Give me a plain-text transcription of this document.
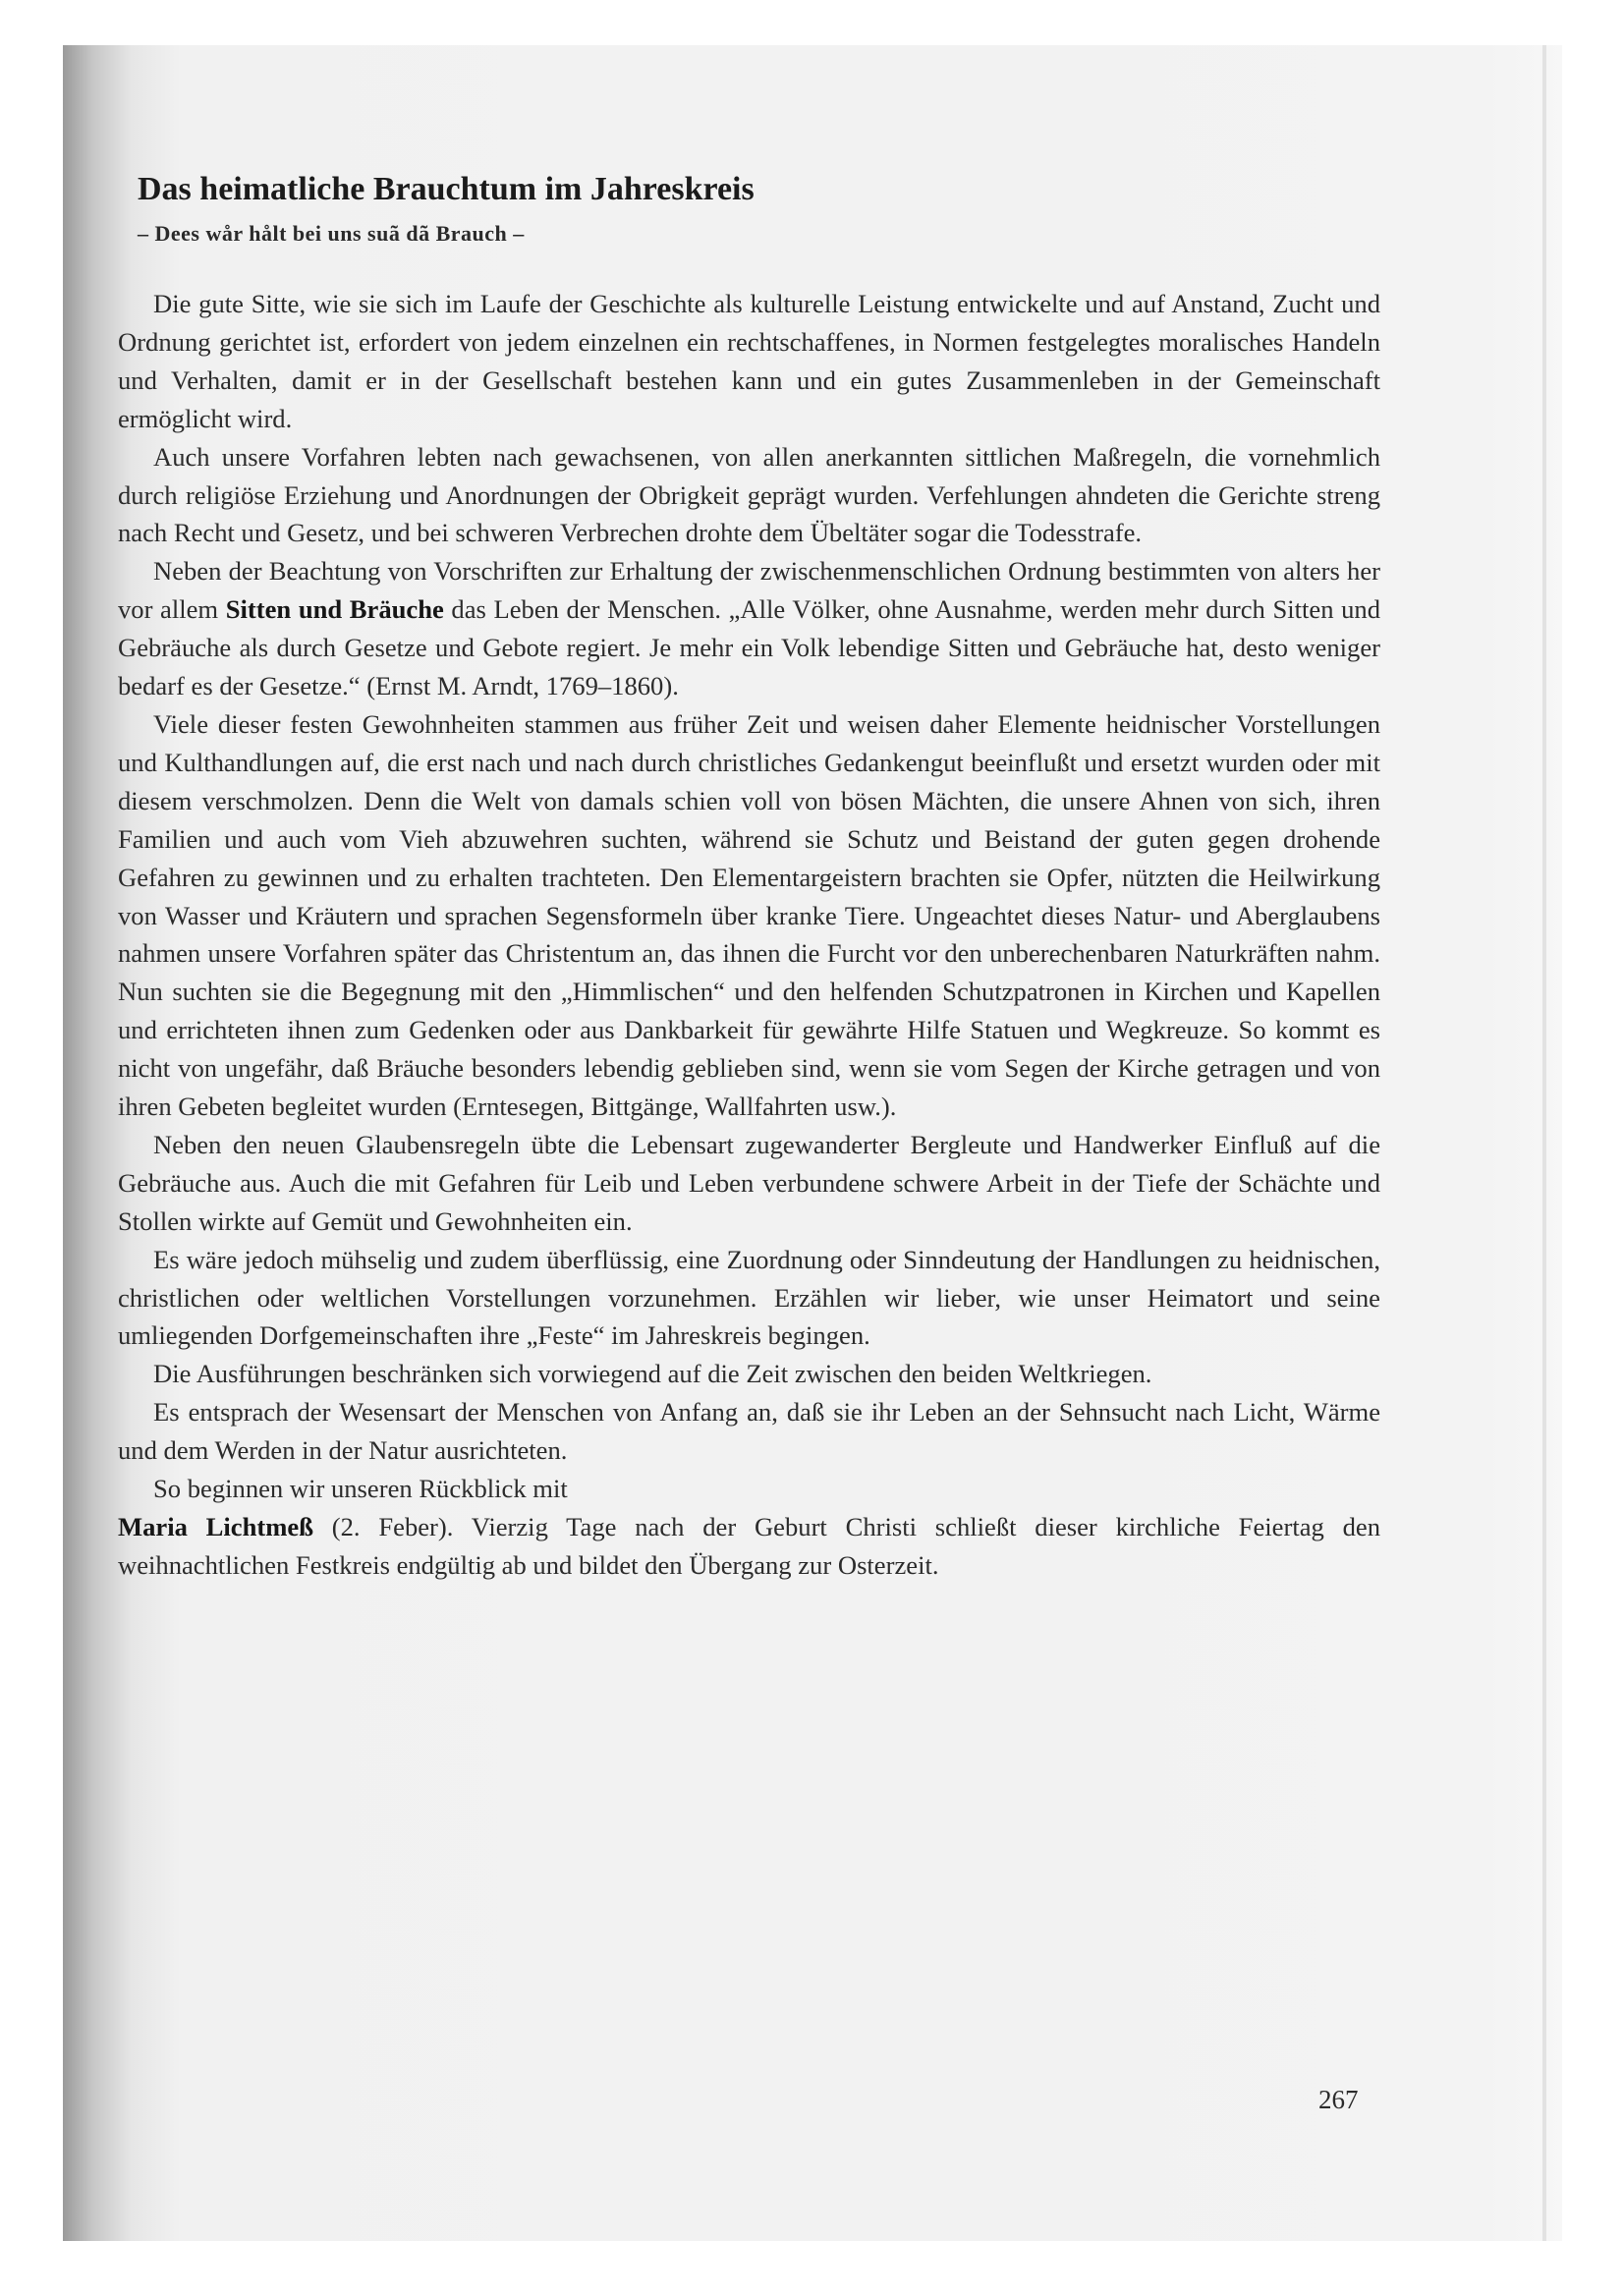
Das heimatliche Brauchtum im Jahreskreis
– Dees wår hålt bei uns suã dã Brauch –

Die gute Sitte, wie sie sich im Laufe der Geschichte als kulturelle Leistung entwickelte und auf Anstand, Zucht und Ordnung gerichtet ist, erfordert von jedem einzelnen ein rechtschaffenes, in Normen festgelegtes moralisches Handeln und Verhalten, damit er in der Gesellschaft bestehen kann und ein gutes Zusammenleben in der Gemeinschaft ermöglicht wird.

Auch unsere Vorfahren lebten nach gewachsenen, von allen anerkannten sittlichen Maßregeln, die vornehmlich durch religiöse Erziehung und Anordnungen der Obrigkeit geprägt wurden. Verfehlungen ahndeten die Gerichte streng nach Recht und Gesetz, und bei schweren Verbrechen drohte dem Übeltäter sogar die Todesstrafe.

Neben der Beachtung von Vorschriften zur Erhaltung der zwischenmenschlichen Ordnung bestimmten von alters her vor allem Sitten und Bräuche das Leben der Menschen. „Alle Völker, ohne Ausnahme, werden mehr durch Sitten und Gebräuche als durch Gesetze und Gebote regiert. Je mehr ein Volk lebendige Sitten und Gebräuche hat, desto weniger bedarf es der Gesetze.“ (Ernst M. Arndt, 1769–1860).

Viele dieser festen Gewohnheiten stammen aus früher Zeit und weisen daher Elemente heidnischer Vorstellungen und Kulthandlungen auf, die erst nach und nach durch christliches Gedankengut beeinflußt und ersetzt wurden oder mit diesem verschmolzen. Denn die Welt von damals schien voll von bösen Mächten, die unsere Ahnen von sich, ihren Familien und auch vom Vieh abzuwehren suchten, während sie Schutz und Beistand der guten gegen drohende Gefahren zu gewinnen und zu erhalten trachteten. Den Elementargeistern brachten sie Opfer, nützten die Heilwirkung von Wasser und Kräutern und sprachen Segensformeln über kranke Tiere. Ungeachtet dieses Natur- und Aberglaubens nahmen unsere Vorfahren später das Christentum an, das ihnen die Furcht vor den unberechenbaren Naturkräften nahm. Nun suchten sie die Begegnung mit den „Himmlischen“ und den helfenden Schutzpatronen in Kirchen und Kapellen und errichteten ihnen zum Gedenken oder aus Dankbarkeit für gewährte Hilfe Statuen und Wegkreuze. So kommt es nicht von ungefähr, daß Bräuche besonders lebendig geblieben sind, wenn sie vom Segen der Kirche getragen und von ihren Gebeten begleitet wurden (Erntesegen, Bittgänge, Wallfahrten usw.).

Neben den neuen Glaubensregeln übte die Lebensart zugewanderter Bergleute und Handwerker Einfluß auf die Gebräuche aus. Auch die mit Gefahren für Leib und Leben verbundene schwere Arbeit in der Tiefe der Schächte und Stollen wirkte auf Gemüt und Gewohnheiten ein.

Es wäre jedoch mühselig und zudem überflüssig, eine Zuordnung oder Sinndeutung der Handlungen zu heidnischen, christlichen oder weltlichen Vorstellungen vorzunehmen. Erzählen wir lieber, wie unser Heimatort und seine umliegenden Dorfgemeinschaften ihre „Feste“ im Jahreskreis begingen.

Die Ausführungen beschränken sich vorwiegend auf die Zeit zwischen den beiden Weltkriegen.

Es entsprach der Wesensart der Menschen von Anfang an, daß sie ihr Leben an der Sehnsucht nach Licht, Wärme und dem Werden in der Natur ausrichteten.

So beginnen wir unseren Rückblick mit

Maria Lichtmeß (2. Feber). Vierzig Tage nach der Geburt Christi schließt dieser kirchliche Feiertag den weihnachtlichen Festkreis endgültig ab und bildet den Übergang zur Osterzeit.

267
